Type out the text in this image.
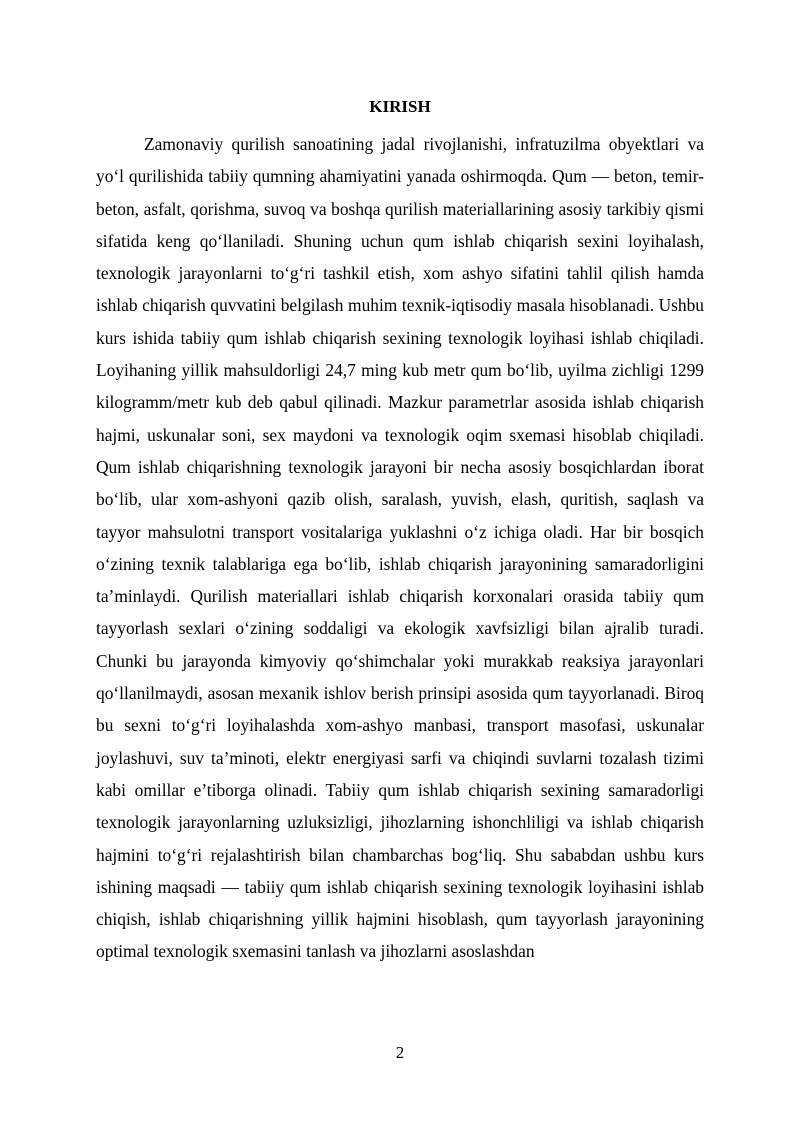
KIRISH

Zamonaviy qurilish sanoatining jadal rivojlanishi, infratuzilma obyektlari va yo‘l qurilishida tabiiy qumning ahamiyatini yanada oshirmoqda. Qum — beton, temir-beton, asfalt, qorishma, suvoq va boshqa qurilish materiallarining asosiy tarkibiy qismi sifatida keng qo‘llaniladi. Shuning uchun qum ishlab chiqarish sexini loyihalash, texnologik jarayonlarni to‘g‘ri tashkil etish, xom ashyo sifatini tahlil qilish hamda ishlab chiqarish quvvatini belgilash muhim texnik-iqtisodiy masala hisoblanadi. Ushbu kurs ishida tabiiy qum ishlab chiqarish sexining texnologik loyihasi ishlab chiqiladi. Loyihaning yillik mahsuldorligi 24,7 ming kub metr qum bo‘lib, uyilma zichligi 1299 kilogramm/metr kub deb qabul qilinadi. Mazkur parametrlar asosida ishlab chiqarish hajmi, uskunalar soni, sex maydoni va texnologik oqim sxemasi hisoblab chiqiladi. Qum ishlab chiqarishning texnologik jarayoni bir necha asosiy bosqichlardan iborat bo‘lib, ular xom-ashyoni qazib olish, saralash, yuvish, elash, quritish, saqlash va tayyor mahsulotni transport vositalariga yuklashni o‘z ichiga oladi. Har bir bosqich o‘zining texnik talablariga ega bo‘lib, ishlab chiqarish jarayonining samaradorligini ta’minlaydi. Qurilish materiallari ishlab chiqarish korxonalari orasida tabiiy qum tayyorlash sexlari o‘zining soddaligi va ekologik xavfsizligi bilan ajralib turadi. Chunki bu jarayonda kimyoviy qo‘shimchalar yoki murakkab reaksiya jarayonlari qo‘llanilmaydi, asosan mexanik ishlov berish prinsipi asosida qum tayyorlanadi. Biroq bu sexni to‘g‘ri loyihalashda xom-ashyo manbasi, transport masofasi, uskunalar joylashuvi, suv ta’minoti, elektr energiyasi sarfi va chiqindi suvlarni tozalash tizimi kabi omillar e’tiborga olinadi. Tabiiy qum ishlab chiqarish sexining samaradorligi texnologik jarayonlarning uzluksizligi, jihozlarning ishonchliligi va ishlab chiqarish hajmini to‘g‘ri rejalashtirish bilan chambarchas bog‘liq. Shu sababdan ushbu kurs ishining maqsadi — tabiiy qum ishlab chiqarish sexining texnologik loyihasini ishlab chiqish, ishlab chiqarishning yillik hajmini hisoblash, qum tayyorlash jarayonining optimal texnologik sxemasini tanlash va jihozlarni asoslashdan

2
